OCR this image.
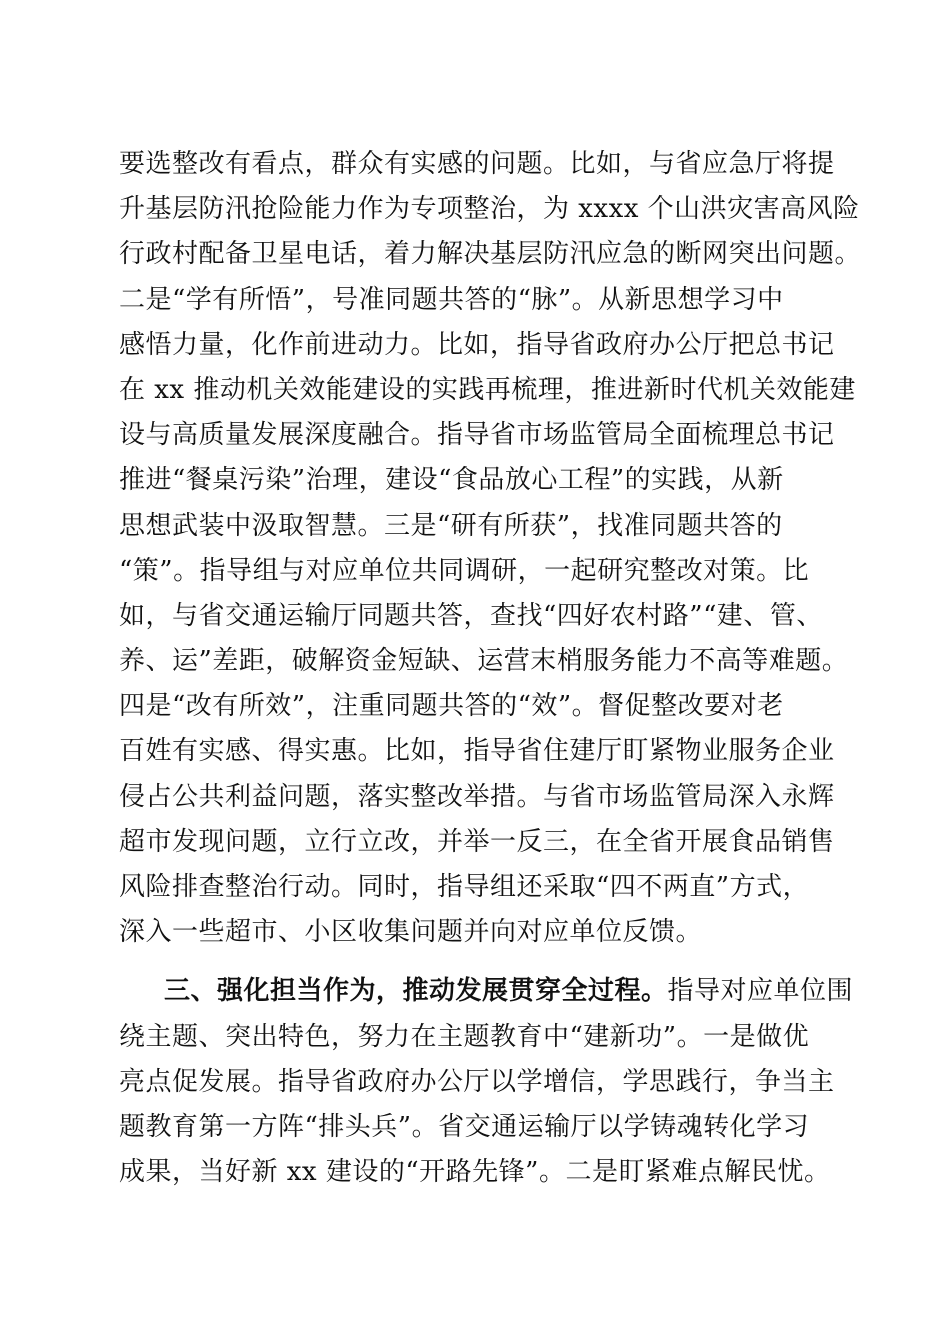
要选整改有看点，群众有实感的问题。比如，与省应急厅将提
升基层防汛抢险能力作为专项整治，为 xxxx 个山洪灾害高风险
行政村配备卫星电话，着力解决基层防汛应急的断网突出问题。
二是“学有所悟”，号准同题共答的“脉”。从新思想学习中
感悟力量，化作前进动力。比如，指导省政府办公厅把总书记
在 xx 推动机关效能建设的实践再梳理，推进新时代机关效能建
设与高质量发展深度融合。指导省市场监管局全面梳理总书记
推进“餐桌污染”治理，建设“食品放心工程”的实践，从新
思想武装中汲取智慧。三是“研有所获”，找准同题共答的
“策”。指导组与对应单位共同调研，一起研究整改对策。比
如，与省交通运输厅同题共答，查找“四好农村路”“建、管、
养、运”差距，破解资金短缺、运营末梢服务能力不高等难题。
四是“改有所效”，注重同题共答的“效”。督促整改要对老
百姓有实感、得实惠。比如，指导省住建厅盯紧物业服务企业
侵占公共利益问题，落实整改举措。与省市场监管局深入永辉
超市发现问题，立行立改，并举一反三，在全省开展食品销售
风险排查整治行动。同时，指导组还采取“四不两直”方式，
深入一些超市、小区收集问题并向对应单位反馈。
三、强化担当作为，推动发展贯穿全过程。指导对应单位围
绕主题、突出特色，努力在主题教育中“建新功”。一是做优
亮点促发展。指导省政府办公厅以学增信，学思践行，争当主
题教育第一方阵“排头兵”。省交通运输厅以学铸魂转化学习
成果，当好新 xx 建设的“开路先锋”。二是盯紧难点解民忧。
